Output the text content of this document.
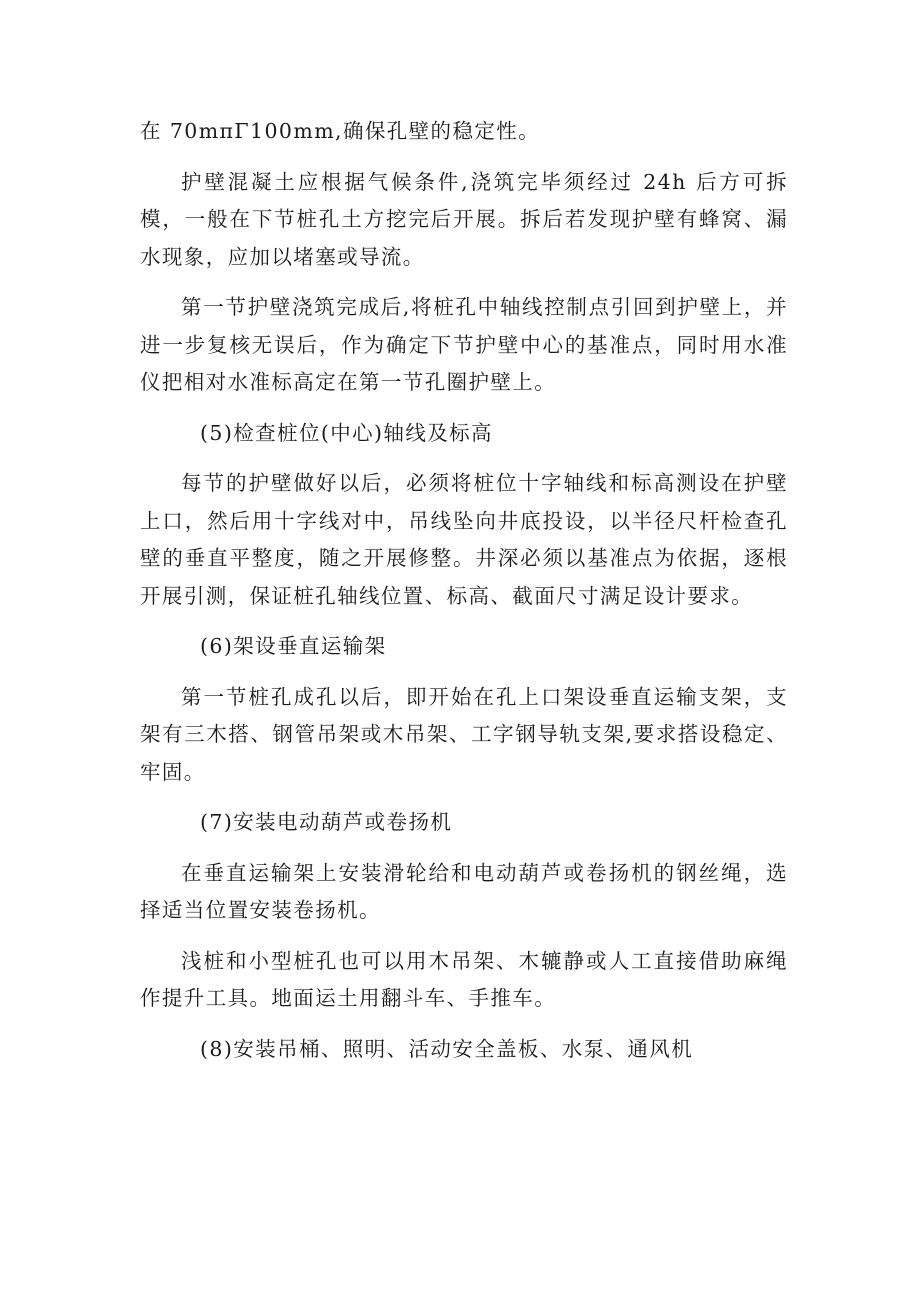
在 70mπΓ100mm,确保孔壁的稳定性。

护壁混凝土应根据气候条件,浇筑完毕须经过 24h 后方可拆模，一般在下节桩孔土方挖完后开展。拆后若发现护壁有蜂窝、漏水现象，应加以堵塞或导流。

第一节护壁浇筑完成后,将桩孔中轴线控制点引回到护壁上，并进一步复核无误后，作为确定下节护壁中心的基准点，同时用水准仪把相对水准标高定在第一节孔圈护壁上。

(5)检查桩位(中心)轴线及标高

每节的护壁做好以后，必须将桩位十字轴线和标高测设在护壁上口，然后用十字线对中，吊线坠向井底投设，以半径尺杆检查孔壁的垂直平整度，随之开展修整。井深必须以基准点为依据，逐根开展引测，保证桩孔轴线位置、标高、截面尺寸满足设计要求。

(6)架设垂直运输架

第一节桩孔成孔以后，即开始在孔上口架设垂直运输支架，支架有三木搭、钢管吊架或木吊架、工字钢导轨支架,要求搭设稳定、牢固。

(7)安装电动葫芦或卷扬机

在垂直运输架上安装滑轮给和电动葫芦或卷扬机的钢丝绳，选择适当位置安装卷扬机。

浅桩和小型桩孔也可以用木吊架、木辘静或人工直接借助麻绳作提升工具。地面运土用翻斗车、手推车。

(8)安装吊桶、照明、活动安全盖板、水泵、通风机
